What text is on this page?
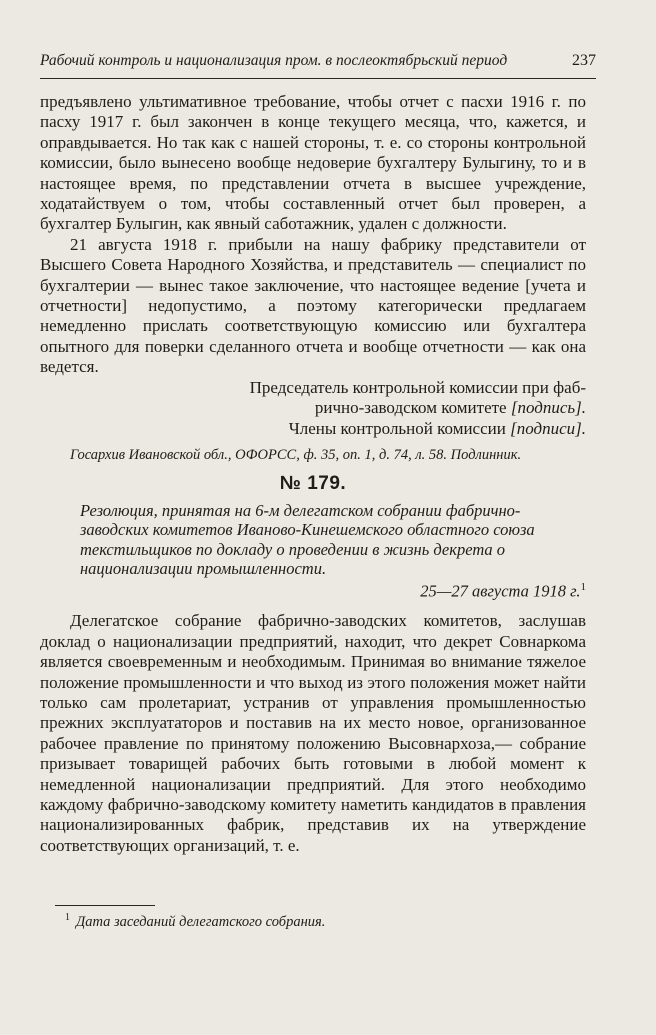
Рабочий контроль и национализация пром. в послеоктябрьский период	237

предъявлено ультимативное требование, чтобы отчет с пасхи 1916 г. по пасху 1917 г. был закончен в конце текущего месяца, что, кажется, и оправдывается. Но так как с нашей стороны, т. е. со стороны контрольной комиссии, было вынесено вообще недоверие бухгалтеру Булыгину, то и в настоящее время, по представлении отчета в высшее учреждение, ходатайствуем о том, чтобы составленный отчет был проверен, а бухгалтер Булыгин, как явный саботажник, удален с должности.

21 августа 1918 г. прибыли на нашу фабрику представители от Высшего Совета Народного Хозяйства, и представитель — специалист по бухгалтерии — вынес такое заключение, что настоящее ведение [учета и отчетности] недопустимо, а поэтому категорически предлагаем немедленно прислать соответствующую комиссию или бухгалтера опытного для поверки сделанного отчета и вообще отчетности — как она ведется.

Председатель контрольной комиссии при фаб-

рично-заводском комитете [подпись].

Члены контрольной комиссии [подписи].

Госархив Ивановской обл., ОФОРСС, ф. 35, оп. 1, д. 74, л. 58. Подлинник.

№ 179.

Резолюция, принятая на 6-м делегатском собрании фабрично-заводских комитетов Иваново-Кинешемского областного союза текстильщиков по докладу о проведении в жизнь декрета о национализации промышленности.

25—27 августа 1918 г.$^1$

Делегатское собрание фабрично-заводских комитетов, заслушав доклад о национализации предприятий, находит, что декрет Совнаркома является своевременным и необходимым. Принимая во внимание тяжелое положение промышленности и что выход из этого положения может найти только сам пролетариат, устранив от управления промышленностью прежних эксплуататоров и поставив на их место новое, организованное рабочее правление по принятому положению Высовнархоза,— собрание призывает товарищей рабочих быть готовыми в любой момент к немедленной национализации предприятий. Для этого необходимо каждому фабрично-заводскому комитету наметить кандидатов в правления национализированных фабрик, представив их на утверждение соответствующих организаций, т. е.

$^1$ Дата заседаний делегатского собрания.
